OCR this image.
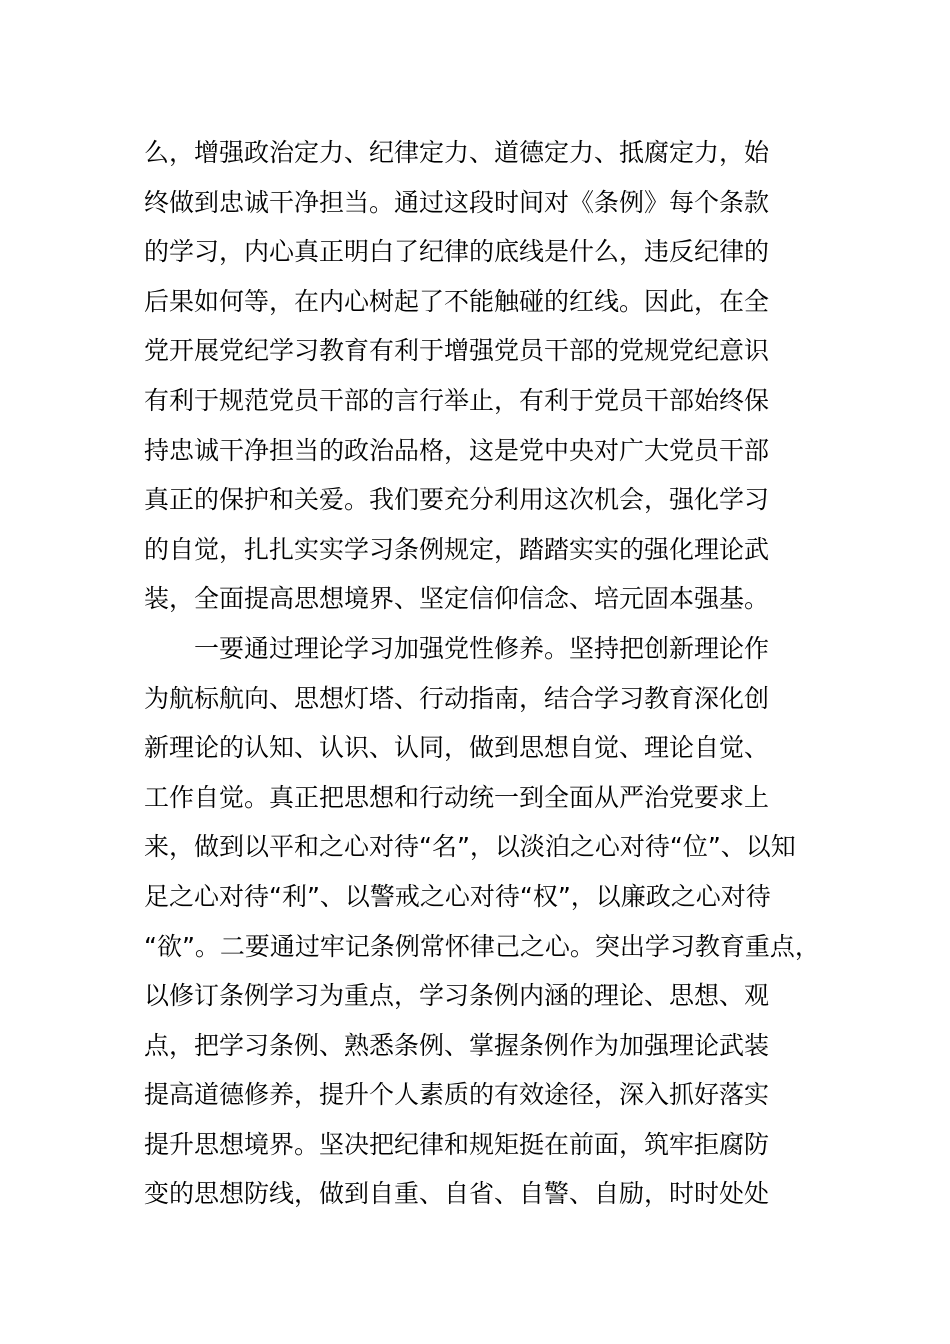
么，增强政治定力、纪律定力、道德定力、抵腐定力，始
终做到忠诚干净担当。通过这段时间对《条例》每个条款
的学习，内心真正明白了纪律的底线是什么，违反纪律的
后果如何等，在内心树起了不能触碰的红线。因此，在全
党开展党纪学习教育有利于增强党员干部的党规党纪意识
有利于规范党员干部的言行举止，有利于党员干部始终保
持忠诚干净担当的政治品格，这是党中央对广大党员干部
真正的保护和关爱。我们要充分利用这次机会，强化学习
的自觉，扎扎实实学习条例规定，踏踏实实的强化理论武
装，全面提高思想境界、坚定信仰信念、培元固本强基。
一要通过理论学习加强党性修养。坚持把创新理论作
为航标航向、思想灯塔、行动指南，结合学习教育深化创
新理论的认知、认识、认同，做到思想自觉、理论自觉、
工作自觉。真正把思想和行动统一到全面从严治党要求上
来，做到以平和之心对待“名”，以淡泊之心对待“位”、以知
足之心对待“利”、以警戒之心对待“权”，以廉政之心对待
“欲”。二要通过牢记条例常怀律己之心。突出学习教育重点，
以修订条例学习为重点，学习条例内涵的理论、思想、观
点，把学习条例、熟悉条例、掌握条例作为加强理论武装
提高道德修养，提升个人素质的有效途径，深入抓好落实
提升思想境界。坚决把纪律和规矩挺在前面，筑牢拒腐防
变的思想防线，做到自重、自省、自警、自励，时时处处
